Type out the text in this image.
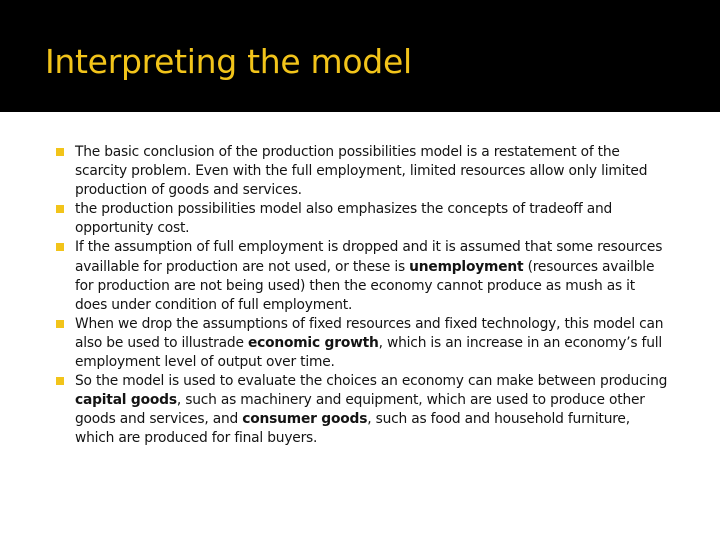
Interpreting the model
The basic conclusion of the production possibilities model is a restatement of the scarcity problem. Even with the full employment, limited resources allow only limited production of goods and services.
the production possibilities model also emphasizes the concepts of tradeoff and opportunity cost.
If the assumption of full employment is dropped and it is assumed that some resources availlable for production are not used, or these is unemployment (resources availble for production are not being used) then the economy cannot produce as mush as it does under condition of full employment.
When we drop the assumptions of fixed resources and fixed technology, this model can also be used to illustrade economic growth, which is an increase in an economy’s full employment level of output over time.
So the model is used to evaluate the choices an economy can make between producing capital goods, such as machinery and equipment, which are used to produce other goods and services, and consumer goods, such as food and household furniture, which are produced for final buyers.
